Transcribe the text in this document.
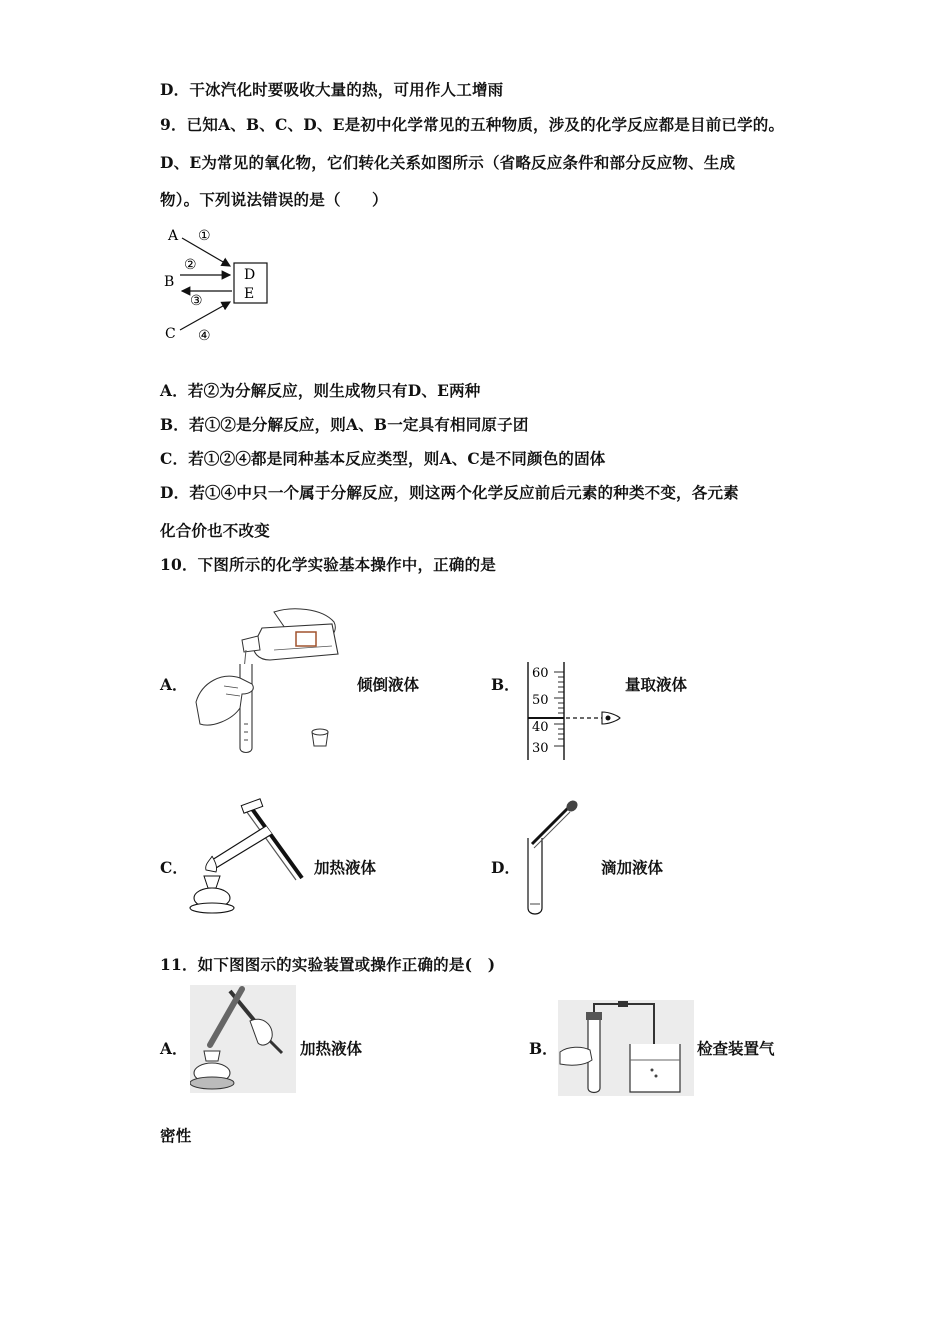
D．干冰汽化时要吸收大量的热，可用作人工增雨
9．已知A、B、C、D、E是初中化学常见的五种物质，涉及的化学反应都是目前已学的。
D、E为常见的氧化物，它们转化关系如图所示（省略反应条件和部分反应物、生成
物）。下列说法错误的是（　　）
A ①
B
②
③
C ④
D
E
A．若②为分解反应，则生成物只有D、E两种
B．若①②是分解反应，则A、B一定具有相同原子团
C．若①②④都是同种基本反应类型，则A、C是不同颜色的固体
D．若①④中只一个属于分解反应，则这两个化学反应前后元素的种类不变，各元素
化合价也不改变
10．下图所示的化学实验基本操作中，正确的是
A．	倾倒液体	B．
60
50
40
30
量取液体
C．	加热液体	D．	滴加液体
11．如下图图示的实验装置或操作正确的是(　)
A．	加热液体	B．	检查装置气
密性
